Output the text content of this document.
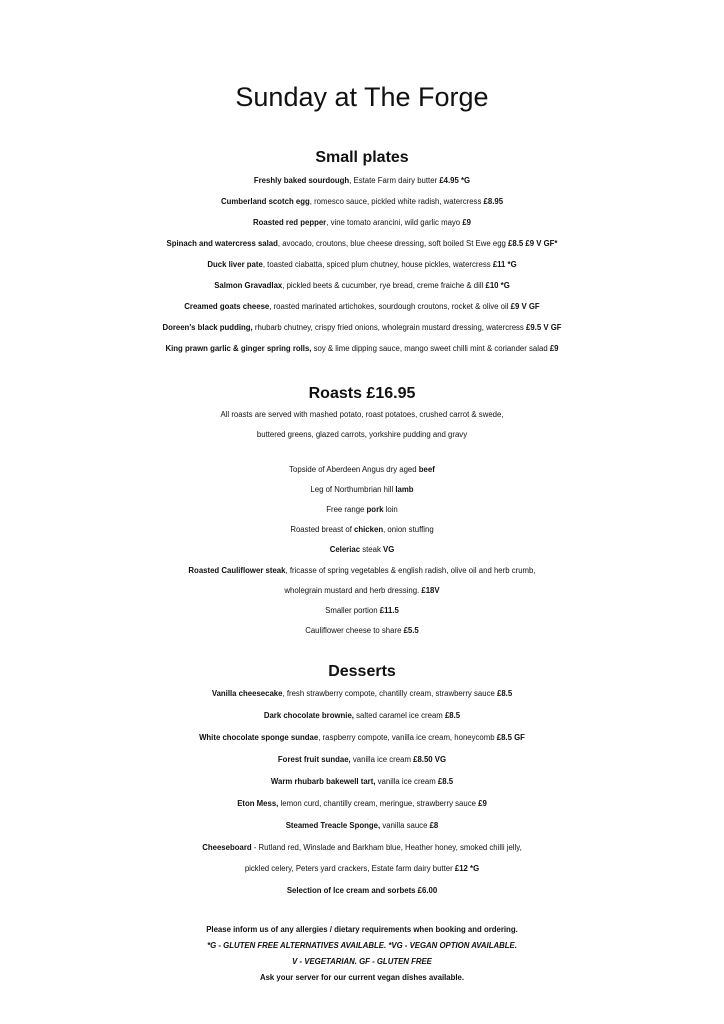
Sunday at The Forge
Small plates
Freshly baked sourdough, Estate Farm dairy butter £4.95 *G
Cumberland scotch egg, romesco sauce, pickled white radish, watercress £8.95
Roasted red pepper, vine tomato arancini, wild garlic mayo £9
Spinach and watercress salad, avocado, croutons, blue cheese dressing, soft boiled St Ewe egg £8.5 £9 V GF*
Duck liver pate, toasted ciabatta, spiced plum chutney, house pickles, watercress £11 *G
Salmon Gravadlax, pickled beets & cucumber, rye bread, creme fraiche & dill £10 *G
Creamed goats cheese, roasted marinated artichokes, sourdough croutons, rocket & olive oil £9 V GF
Doreen's black pudding, rhubarb chutney, crispy fried onions, wholegrain mustard dressing, watercress £9.5 V GF
King prawn garlic & ginger spring rolls, soy & lime dipping sauce, mango sweet chilli mint & coriander salad £9
Roasts £16.95
All roasts are served with mashed potato, roast potatoes, crushed carrot & swede,
buttered greens, glazed carrots, yorkshire pudding and gravy
Topside of Aberdeen Angus dry aged beef
Leg of Northumbrian hill lamb
Free range pork loin
Roasted breast of chicken, onion stuffing
Celeriac steak VG
Roasted Cauliflower steak, fricasse of spring vegetables & english radish, olive oil and herb crumb,
wholegrain mustard and herb dressing. £18V
Smaller portion £11.5
Cauliflower cheese to share £5.5
Desserts
Vanilla cheesecake, fresh strawberry compote, chantilly cream, strawberry sauce £8.5
Dark chocolate brownie, salted caramel ice cream £8.5
White chocolate sponge sundae, raspberry compote, vanilla ice cream, honeycomb £8.5 GF
Forest fruit sundae, vanilla ice cream £8.50 VG
Warm rhubarb bakewell tart, vanilla ice cream £8.5
Eton Mess, lemon curd, chantilly cream, meringue, strawberry sauce £9
Steamed Treacle Sponge, vanilla sauce £8
Cheeseboard - Rutland red, Winslade and Barkham blue, Heather honey, smoked chilli jelly,
pickled celery, Peters yard crackers, Estate farm dairy butter £12 *G
Selection of Ice cream and sorbets £6.00
Please inform us of any allergies / dietary requirements when booking and ordering.
*G - GLUTEN FREE ALTERNATIVES AVAILABLE. *VG - VEGAN OPTION AVAILABLE.
V - VEGETARIAN. GF - GLUTEN FREE
Ask your server for our current vegan dishes available.
